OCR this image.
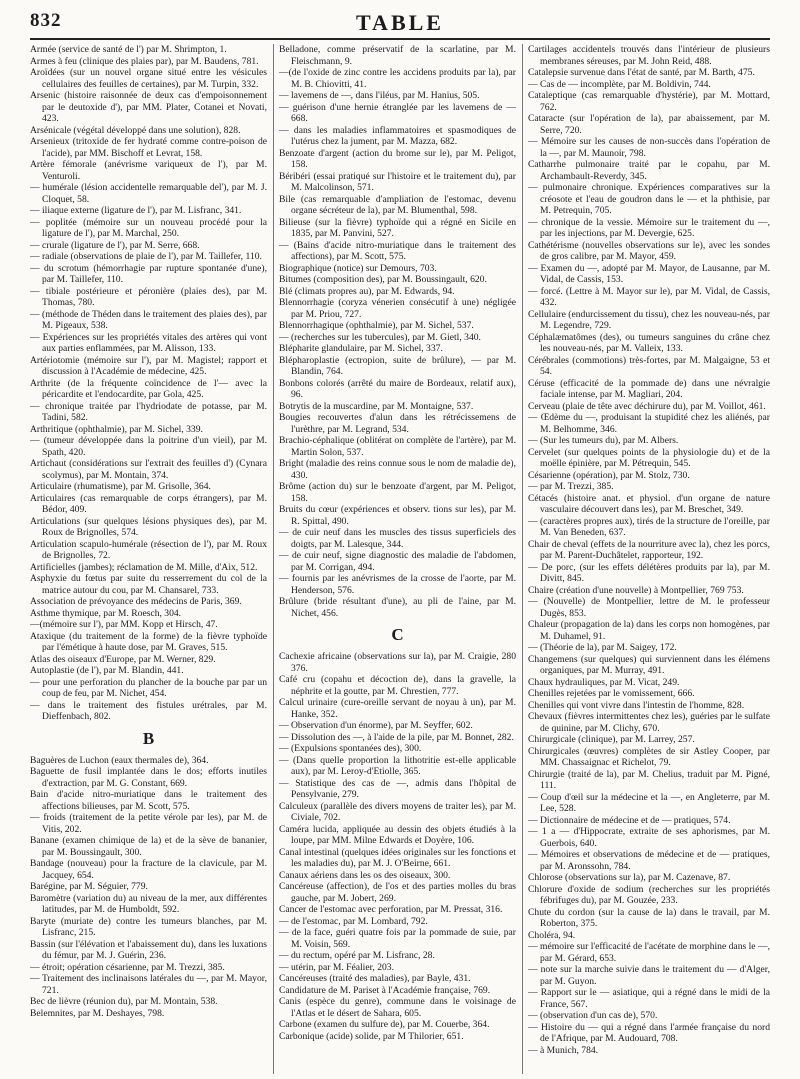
832	TABLE

Armée (service de santé de l') par M. Shrimpton, 1.

Armes à feu (clinique des plaies par), par M. Baudens, 781.

Aroïdées (sur un nouvel organe situé entre les vésicules cellulaires des feuilles de certaines), par M. Turpin, 332.

Arsenic (histoire raisonnée de deux cas d'empoisonnement par le deutoxide d'), par MM. Plater, Cotanei et Novati, 423.

Arsénicale (végétal développé dans une solution), 828.

Arsenieux (tritoxide de fer hydraté comme contre-poison de l'acide), par MM. Bischoff et Levrat, 158.

Artère fémorale (anévrisme variqueux de l'), par M. Venturoli.

— humérale (lésion accidentelle remarquable del'), par M. J. Cloquet, 58.

— iliaque externe (ligature de l'), par M. Lisfranc, 341.

— poplitée (mémoire sur un nouveau procédé pour la ligature de l'), par M. Marchal, 250.

— crurale (ligature de l'), par M. Serre, 668.

— radiale (observations de plaie de l'), par M. Taillefer, 110.

— du scrotum (hémorrhagie par rupture spontanée d'une), par M. Taillefer, 110.

— tibiale postérieure et péronière (plaies des), par M. Thomas, 780.

— (méthode de Théden dans le traitement des plaies des), par M. Pigeaux, 538.

— Expériences sur les propriétés vitales des artères qui vont aux parties enflammées, par M. Alisson, 133.

Artériotomie (mémoire sur l'), par M. Magistel; rapport et discussion à l'Académie de médecine, 425.

Arthrite (de la fréquente coïncidence de l'— avec la péricardite et l'endocardite, par Gola, 425.

— chronique traitée par l'hydriodate de potasse, par M. Tadini, 582.

Arthritique (ophthalmie), par M. Sichel, 339.

— (tumeur développée dans la poitrine d'un vieil), par M. Spath, 420.

Artichaut (considérations sur l'extrait des feuilles d') (Cynara scolymus), par M. Montain, 374.

Articulaire (rhumatisme), par M. Grisolle, 364.

Articulaires (cas remarquable de corps étrangers), par M. Bédor, 409.

Articulations (sur quelques lésions physiques des), par M. Roux de Brignolles, 574.

Articulation scapulo-humérale (résection de l'), par M. Roux de Brignolles, 72.

Artificielles (jambes); réclamation de M. Mille, d'Aix, 512.

Asphyxie du fœtus par suite du resserrement du col de la matrice autour du cou, par M. Chansarel, 733.

Association de prévoyance des médecins de Paris, 369.

Asthme thymique, par M. Roesch, 304.

—(mémoire sur l'), par MM. Kopp et Hirsch, 47.

Ataxique (du traitement de la forme) de la fièvre typhoïde par l'émétique à haute dose, par M. Graves, 515.

Atlas des oiseaux d'Europe, par M. Werner, 829.

Autoplastie (de l'), par M. Blandin, 441.

— pour une perforation du plancher de la bouche par par un coup de feu, par M. Nichet, 454.

— dans le traitement des fistules urétrales, par M. Dieffenbach, 802.

B

Baguères de Luchon (eaux thermales de), 364.

Baguette de fusil implantée dans le dos; efforts inutiles d'extraction, par M. G. Constant, 669.

Bain d'acide nitro-muriatique dans le traitement des affections bilieuses, par M. Scott, 575.

— froids (traitement de la petite vérole par les), par M. de Vitis, 202.

Banane (examen chimique de la) et de la sève de bananier, par M. Boussingault, 300.

Bandage (nouveau) pour la fracture de la clavicule, par M. Jacquey, 654.

Barégine, par M. Séguier, 779.

Baromètre (variation du) au niveau de la mer, aux différentes latitudes, par M. de Humboldt, 592.

Baryte (muriate de) contre les tumeurs blanches, par M. Lisfranc, 215.

Bassin (sur l'élévation et l'abaissement du), dans les luxations du fémur, par M. J. Guérin, 236.

— étroit; opération césarienne, par M. Trezzi, 385.

— Traitement des inclinaisons latérales du —, par M. Mayor, 721.

Bec de lièvre (réunion du), par M. Montain, 538.

Belemnites, par M. Deshayes, 798.

Belladone, comme préservatif de la scarlatine, par M. Fleischmann, 9.

—(de l'oxide de zinc contre les accidens produits par la), par M. B. Chiovitti, 41.

— lavemens de —, dans l'iléus, par M. Hanius, 505.

— guérison d'une hernie étranglée par les lavemens de —668.

— dans les maladies inflammatoires et spasmodiques de l'utérus chez la jument, par M. Mazza, 682.

Benzoate d'argent (action du brome sur le), par M. Peligot, 158.

Béribéri (essai pratiqué sur l'histoire et le traitement du), par M. Malcolinson, 571.

Bile (cas remarquable d'ampliation de l'estomac, devenu organe sécréteur de la), par M. Blumenthal, 598.

Bilieuse (sur la fièvre) typhoïde qui a régné en Sicile en 1835, par M. Panvini, 527.

— (Bains d'acide nitro-muriatique dans le traitement des affections), par M. Scott, 575.

Biographique (notice) sur Demours, 703.

Bitumes (composition des), par M. Boussingault, 620.

Blé (climats propres au), par M. Edwards, 94.

Blennorrhagie (coryza vénerien consécutif à une) négligée par M. Priou, 727.

Blennorrhagique (ophthalmie), par M. Sichel, 537.

— (recherches sur les tubercules), par M. Gietl, 340.

Blépharite glandulaire, par M. Sichel, 337.

Blépharoplastie (ectropion, suite de brûlure), — par M. Blandin, 764.

Bonbons colorés (arrêté du maire de Bordeaux, relatif aux), 96.

Botrytis de la muscardine, par M. Montaigne, 537.

Bougies recouvertes d'alun dans les rétrécissemens de l'urèthre, par M. Legrand, 534.

Brachio-céphalique (oblitérat on complète de l'artère), par M. Martin Solon, 537.

Bright (maladie des reins connue sous le nom de maladie de), 430.

Brôme (action du) sur le benzoate d'argent, par M. Peligot, 158.

Bruits du cœur (expériences et observ. tions sur les), par M. R. Spittal, 490.

— de cuir neuf dans les muscles des tissus superficiels des doigts, par M. Lalesque, 344.

— de cuir neuf, signe diagnostic des maladie de l'abdomen, par M. Corrigan, 494.

— fournis par les anévrismes de la crosse de l'aorte, par M. Henderson, 576.

Brûlure (bride résultant d'une), au pli de l'aine, par M. Nichet, 456.

C

Cachexie africaine (observations sur la), par M. Craigie, 280 376.

Café cru (copahu et décoction de), dans la gravelle, la néphrite et la goutte, par M. Chrestien, 777.

Calcul urinaire (cure-oreille servant de noyau à un), par M. Hanke, 352.

— Observation d'un énorme), par M. Seyffer, 602.

— Dissolution des —, à l'aide de la pile, par M. Bonnet, 282.

— (Expulsions spontanées des), 300.

— (Dans quelle proportion la lithotritie est-elle applicable aux), par M. Leroy-d'Etiolle, 365.

— Statistique des cas de —, admis dans l'hôpital de Pensylvanie, 279.

Calculeux (parallèle des divers moyens de traiter les), par M. Civiale, 702.

Caméra lucida, appliquée au dessin des objets étudiés à la loupe, par MM. Milne Edwards et Doyère, 106.

Canal intestinal (quelques idées originales sur les fonctions et les maladies du), par M. J. O'Beirne, 661.

Canaux aériens dans les os des oiseaux, 300.

Cancéreuse (affection), de l'os et des parties molles du bras gauche, par M. Jobert, 269.

Cancer de l'estomac avec perforation, par M. Pressat, 316.

— de l'estomac, par M. Lombard, 792.

— de la face, guéri quatre fois par la pommade de suie, par M. Voisin, 569.

— du rectum, opéré par M. Lisfranc, 28.

— utérin, par M. Féalier, 203.

Cancéreuses (traité des maladies), par Bayle, 431.

Candidature de M. Pariset à l'Académie française, 769.

Canis (espèce du genre), commune dans le voisinage de l'Atlas et le désert de Sahara, 605.

Carbone (examen du sulfure de), par M. Couerbe, 364.

Carbonique (acide) solide, par M Thilorier, 651.

Cartilages accidentels trouvés dans l'intérieur de plusieurs membranes séreuses, par M. John Reid, 488.

Catalepsie survenue dans l'état de santé, par M. Barth, 475.

— Cas de — incomplète, par M. Boldivin, 744.

Cataleptique (cas remarquable d'hystérie), par M. Mottard, 762.

Cataracte (sur l'opération de la), par abaissement, par M. Serre, 720.

— Mémoire sur les causes de non-succès dans l'opération de la —, par M. Maunoir, 798.

Catharrhe pulmonaire traité par le copahu, par M. Archambault-Reverdy, 345.

— pulmonaire chronique. Expériences comparatives sur la créosote et l'eau de goudron dans le — et la phthisie, par M. Petrequin, 705.

— chronique de la vessie. Mémoire sur le traitement du —, par les injections, par M. Devergie, 625.

Cathétérisme (nouvelles observations sur le), avec les sondes de gros calibre, par M. Mayor, 459.

— Examen du —, adopté par M. Mayor, de Lausanne, par M. Vidal, de Cassis, 153.

— forcé. (Lettre à M. Mayor sur le), par M. Vidal, de Cassis, 432.

Cellulaire (endurcissement du tissu), chez les nouveau-nés, par M. Legendre, 729.

Céphalæmatômes (des), ou tumeurs sanguines du crâne chez les nouveau-nés, par M. Valleix, 133.

Cérébrales (commotions) très-fortes, par M. Malgaigne, 53 et 54.

Céruse (efficacité de la pommade de) dans une névralgie faciale intense, par M. Magliari, 204.

Cerveau (plaie de tête avec déchirure du), par M. Voillot, 461.

— Œdème du —, produisant la stupidité chez les aliénés, par M. Belhomme, 346.

— (Sur les tumeurs du), par M. Albers.

Cervelet (sur quelques points de la physiologie du) et de la moëlle épinière, par M. Pétrequin, 545.

Césarienne (opération), par M. Stolz, 730.

— par M. Trezzi, 385.

Cétacés (histoire anat. et physiol. d'un organe de nature vasculaire découvert dans les), par M. Breschet, 349.

— (caractères propres aux), tirés de la structure de l'oreille, par M. Van Beneden, 637.

Chair de cheval (effets de la nourriture avec la), chez les porcs, par M. Parent-Duchâtelet, rapporteur, 192.

— De porc, (sur les effets délétères produits par la), par M. Divitt, 845.

Chaire (création d'une nouvelle) à Montpellier, 769 753.

— (Nouvelle) de Montpellier, lettre de M. le professeur Dugès, 853.

Chaleur (propagation de la) dans les corps non homogènes, par M. Duhamel, 91.

— (Théorie de la), par M. Saigey, 172.

Changemens (sur quelques) qui surviennent dans les élémens organiques, par M. Murray, 491.

Chaux hydrauliques, par M. Vicat, 249.

Chenilles rejetées par le vomissement, 666.

Chenilles qui vont vivre dans l'intestin de l'homme, 828.

Chevaux (fièvres intermittentes chez les), guéries par le sulfate de quinine, par M. Clichy, 670.

Chirurgicale (clinique), par M. Larrey, 257.

Chirurgicales (œuvres) complètes de sir Astley Cooper, par MM. Chassaignac et Richelot, 79.

Chirurgie (traité de la), par M. Chelius, traduit par M. Pigné, 111.

— Coup d'œil sur la médecine et la —, en Angleterre, par M. Lee, 528.

— Dictionnaire de médecine et de — pratiques, 574.

— 1 a — d'Hippocrate, extraite de ses aphorismes, par M. Guerbois, 640.

— Mémoires et observations de médecine et de — pratiques, par M. Aronssohn, 784.

Chlorose (observations sur la), par M. Cazenave, 87.

Chlorure d'oxide de sodium (recherches sur les propriétés fébrifuges du), par M. Gouzée, 233.

Chute du cordon (sur la cause de la) dans le travail, par M. Roberton, 375.

Choléra, 94.

— mémoire sur l'efficacité de l'acétate de morphine dans le —, par M. Gérard, 653.

— note sur la marche suivie dans le traitement du — d'Alger, par M. Guyon.

— Rapport sur le — asiatique, qui a régné dans le midi de la France, 567.

— (observation d'un cas de), 570.

— Histoire du — qui a régné dans l'armée française du nord de l'Afrique, par M. Audouard, 708.

— à Munich, 784.
